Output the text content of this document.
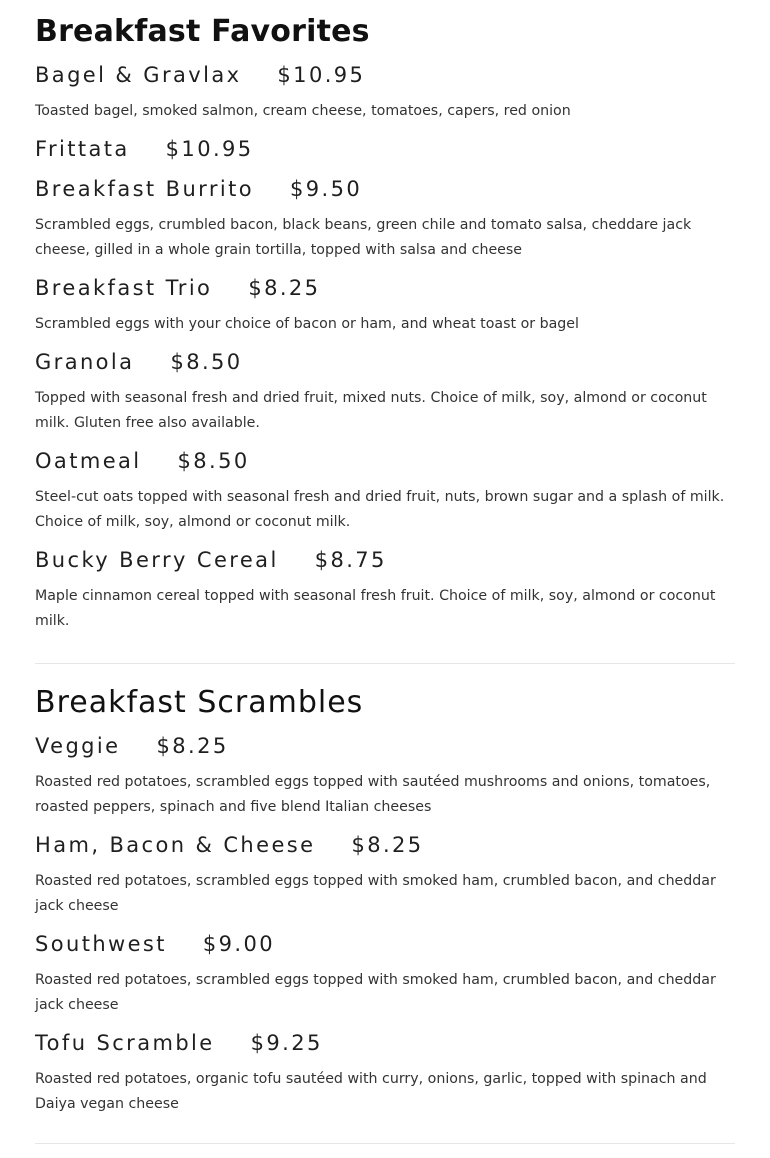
Breakfast Favorites
Bagel & Gravlax $10.95
Toasted bagel, smoked salmon, cream cheese, tomatoes, capers, red onion
Frittata $10.95
Breakfast Burrito $9.50
Scrambled eggs, crumbled bacon, black beans, green chile and tomato salsa, cheddare jack cheese, gilled in a whole grain tortilla, topped with salsa and cheese
Breakfast Trio $8.25
Scrambled eggs with your choice of bacon or ham, and wheat toast or bagel
Granola $8.50
Topped with seasonal fresh and dried fruit, mixed nuts. Choice of milk, soy, almond or coconut milk. Gluten free also available.
Oatmeal $8.50
Steel-cut oats topped with seasonal fresh and dried fruit, nuts, brown sugar and a splash of milk. Choice of milk, soy, almond or coconut milk.
Bucky Berry Cereal $8.75
Maple cinnamon cereal topped with seasonal fresh fruit. Choice of milk, soy, almond or coconut milk.
Breakfast Scrambles
Veggie $8.25
Roasted red potatoes, scrambled eggs topped with sautéed mushrooms and onions, tomatoes, roasted peppers, spinach and five blend Italian cheeses
Ham, Bacon & Cheese $8.25
Roasted red potatoes, scrambled eggs topped with smoked ham, crumbled bacon, and cheddar jack cheese
Southwest $9.00
Roasted red potatoes, scrambled eggs topped with smoked ham, crumbled bacon, and cheddar jack cheese
Tofu Scramble $9.25
Roasted red potatoes, organic tofu sautéed with curry, onions, garlic, topped with spinach and Daiya vegan cheese
